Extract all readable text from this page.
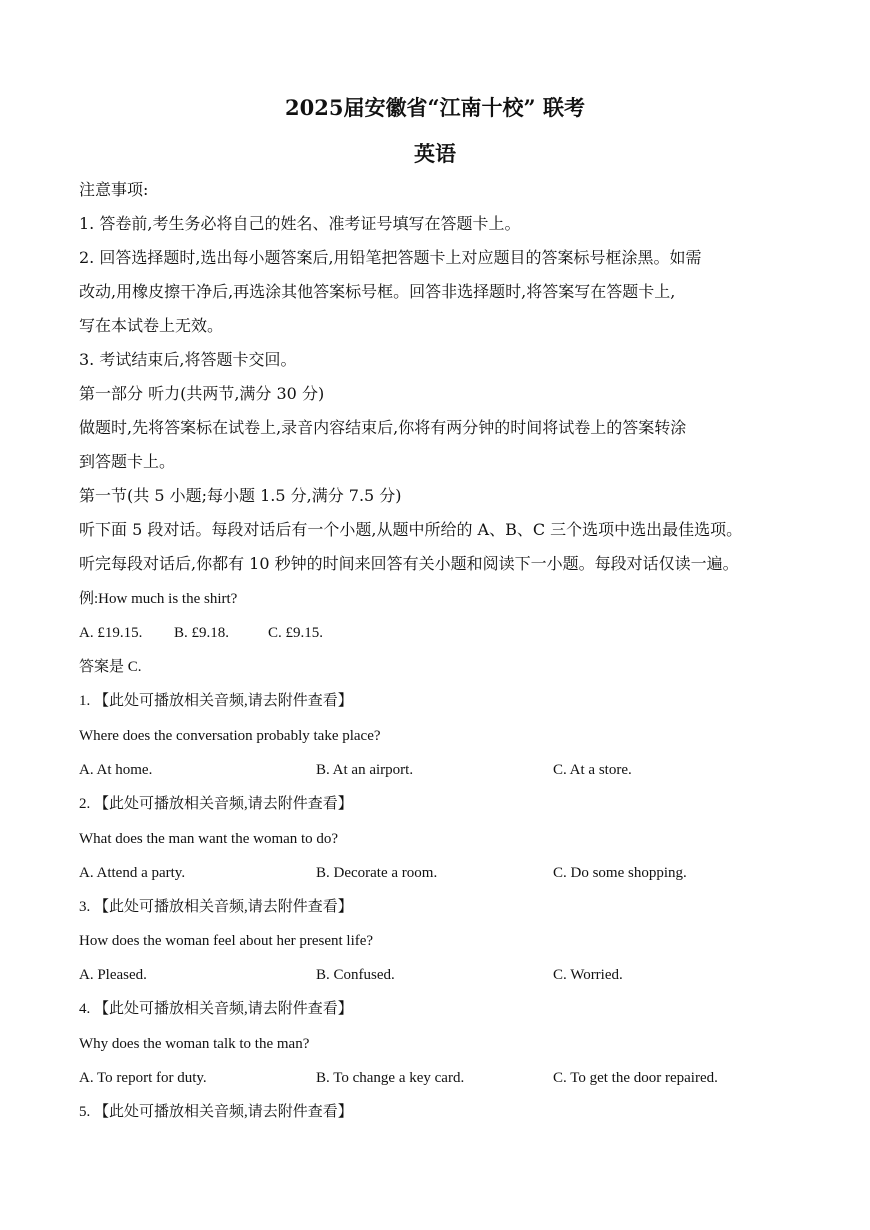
2025届安徽省“江南十校” 联考
英语
注意事项:
1. 答卷前,考生务必将自己的姓名、准考证号填写在答题卡上。
2. 回答选择题时,选出每小题答案后,用铅笔把答题卡上对应题目的答案标号框涂黑。如需
改动,用橡皮擦干净后,再选涂其他答案标号框。回答非选择题时,将答案写在答题卡上,
写在本试卷上无效。
3. 考试结束后,将答题卡交回。
第一部分 听力(共两节,满分 30 分)
做题时,先将答案标在试卷上,录音内容结束后,你将有两分钟的时间将试卷上的答案转涂
到答题卡上。
第一节(共 5 小题;每小题 1.5 分,满分 7.5 分)
听下面 5 段对话。每段对话后有一个小题,从题中所给的 A、B、C 三个选项中选出最佳选项。
听完每段对话后,你都有 10 秒钟的时间来回答有关小题和阅读下一小题。每段对话仅读一遍。
例:How much is the shirt?
A. £19.15. B. £9.18.	C. £9.15.
答案是 C.
1. 【此处可播放相关音频,请去附件查看】
Where does the conversation probably take place?
A. At home.	B. At an airport.	C. At a store.
2. 【此处可播放相关音频,请去附件查看】
What does the man want the woman to do?
A. Attend a party.	B. Decorate a room.	C. Do some shopping.
3. 【此处可播放相关音频,请去附件查看】
How does the woman feel about her present life?
A. Pleased.	B. Confused.	C. Worried.
4. 【此处可播放相关音频,请去附件查看】
Why does the woman talk to the man?
A. To report for duty.	B. To change a key card.	C. To get the door repaired.
5. 【此处可播放相关音频,请去附件查看】
